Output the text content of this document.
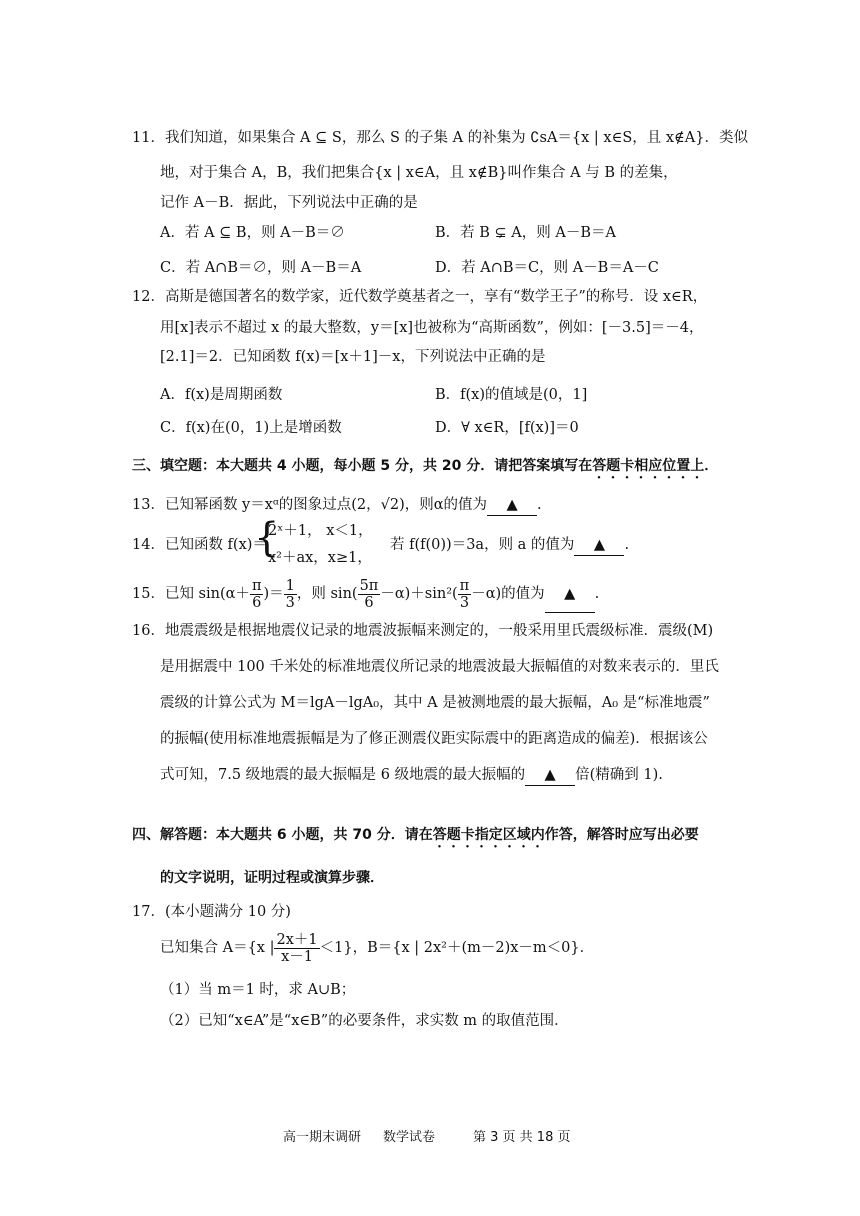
11．我们知道，如果集合 A ⊆ S，那么 S 的子集 A 的补集为 ∁sA＝{x | x∈S，且 x∉A}．类似
地，对于集合 A，B，我们把集合{x | x∈A，且 x∉B}叫作集合 A 与 B 的差集，
记作 A－B．据此，下列说法中正确的是
A．若 A ⊆ B，则 A－B＝∅	B．若 B ⊊ A，则 A－B＝A
C．若 A∩B＝∅，则 A－B＝A	D．若 A∩B＝C，则 A－B＝A－C
12．高斯是德国著名的数学家，近代数学奠基者之一，享有“数学王子”的称号．设 x∈R，
用[x]表示不超过 x 的最大整数，y＝[x]也被称为“高斯函数”，例如：[－3.5]＝－4，
[2.1]＝2．已知函数 f(x)＝[x＋1]－x，下列说法中正确的是
A．f(x)是周期函数	B．f(x)的值域是(0，1]
C．f(x)在(0，1)上是增函数	D．∀ x∈R，[f(x)]＝0
三、填空题：本大题共 4 小题，每小题 5 分，共 20 分．请把答案填写在答题卡相应位置上．
13．已知幂函数 y＝xᵅ的图象过点(2，√2)，则α的值为 ▲ .
14．已知函数 f(x)＝
{
2ˣ＋1， x＜1，
x²＋ax，x≥1，
若 f(f(0))＝3a，则 a 的值为 ▲ .
15．已知 $\sin(\alpha+ \frac{\pi}{6}$ )＝ $\frac{1}{3}$ ，则 $\sin( \frac{5\pi}{6} -\alpha)+\sin^2( \frac{\pi}{3} -\alpha)$的值为 ▲ .
16．地震震级是根据地震仪记录的地震波振幅来测定的，一般采用里氏震级标准．震级(M)
是用据震中 100 千米处的标准地震仪所记录的地震波最大振幅值的对数来表示的．里氏
震级的计算公式为 M＝lgA－lgA₀，其中 A 是被测地震的最大振幅，A₀ 是“标准地震”
的振幅(使用标准地震振幅是为了修正测震仪距实际震中的距离造成的偏差)．根据该公
式可知，7.5 级地震的最大振幅是 6 级地震的最大振幅的 ▲ 倍(精确到 1).
四、解答题：本大题共 6 小题，共 70 分．请在答题卡指定区域内作答，解答时应写出必要
的文字说明，证明过程或演算步骤．
17．(本小题满分 10 分)
已知集合 A＝{x | $\frac{2x+1}{x-1} <1$}，B＝{x | 2x²＋(m－2)x－m＜0}．
（1）当 m＝1 时，求 A∪B；
（2）已知“x∈A”是“x∈B”的必要条件，求实数 m 的取值范围．
高一期末调研 数学试卷	第 3 页 共 18 页
